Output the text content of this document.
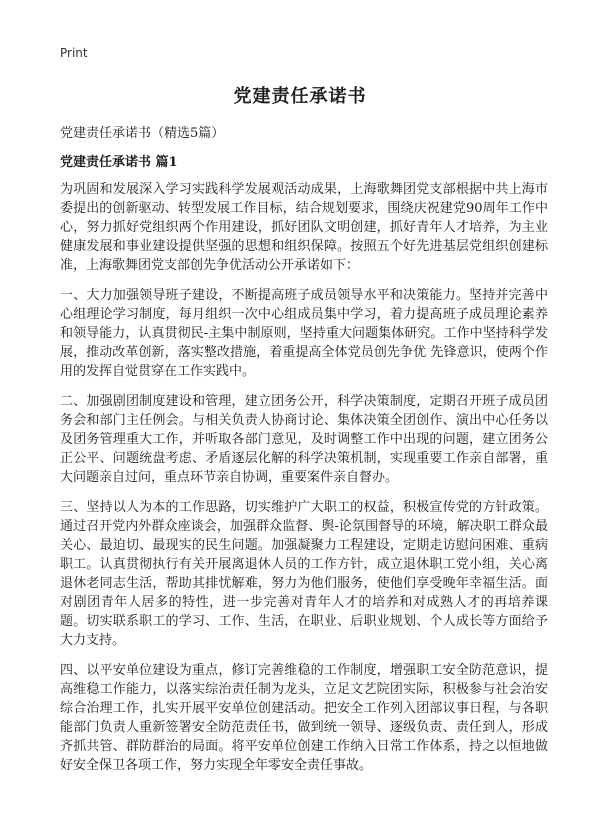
Print
党建责任承诺书

党建责任承诺书（精选5篇）

党建责任承诺书 篇1

为巩固和发展深入学习实践科学发展观活动成果，上海歌舞团党支部根据中共上海市委提出的创新驱动、转型发展工作目标，结合规划要求，围绕庆祝建党90周年工作中心，努力抓好党组织两个作用建设，抓好团队文明创建，抓好青年人才培养，为主业健康发展和事业建设提供坚强的思想和组织保障。按照五个好先进基层党组织创建标准，上海歌舞团党支部创先争优活动公开承诺如下：

一、大力加强领导班子建设，不断提高班子成员领导水平和决策能力。坚持并完善中心组理论学习制度，每月组织一次中心组成员集中学习，着力提高班子成员理论素养和领导能力，认真贯彻民-主集中制原则，坚持重大问题集体研究。工作中坚持科学发展，推动改革创新，落实整改措施，着重提高全体党员创先争优 先锋意识，使两个作用的发挥自觉贯穿在工作实践中。

二、加强剧团制度建设和管理，建立团务公开，科学决策制度，定期召开班子成员团务会和部门主任例会。与相关负责人协商讨论、集体决策全团创作、演出中心任务以及团务管理重大工作，并听取各部门意见，及时调整工作中出现的问题，建立团务公正公平、问题统盘考虑、矛盾逐层化解的科学决策机制，实现重要工作亲自部署，重大问题亲自过问，重点环节亲自协调，重要案件亲自督办。

三、坚持以人为本的工作思路，切实维护广大职工的权益，积极宣传党的方针政策。通过召开党内外群众座谈会，加强群众监督、舆-论氛围督导的环境，解决职工群众最关心、最迫切、最现实的民生问题。加强凝聚力工程建设，定期走访慰问困难、重病职工。认真贯彻执行有关开展离退休人员的工作方针，成立退休职工党小组，关心离退休老同志生活，帮助其排忧解难，努力为他们服务，使他们享受晚年幸福生活。面对剧团青年人居多的特性，进一步完善对青年人才的培养和对成熟人才的再培养课题。切实联系职工的学习、工作、生活，在职业、后职业规划、个人成长等方面给予大力支持。

四、以平安单位建设为重点，修订完善维稳的工作制度，增强职工安全防范意识，提高维稳工作能力，以落实综治责任制为龙头，立足文艺院团实际，积极参与社会治安综合治理工作，扎实开展平安单位创建活动。把安全工作列入团部议事日程，与各职能部门负责人重新签署安全防范责任书，做到统一领导、逐级负责、责任到人，形成齐抓共管、群防群治的局面。将平安单位创建工作纳入日常工作体系，持之以恒地做好安全保卫各项工作，努力实现全年零安全责任事故。
